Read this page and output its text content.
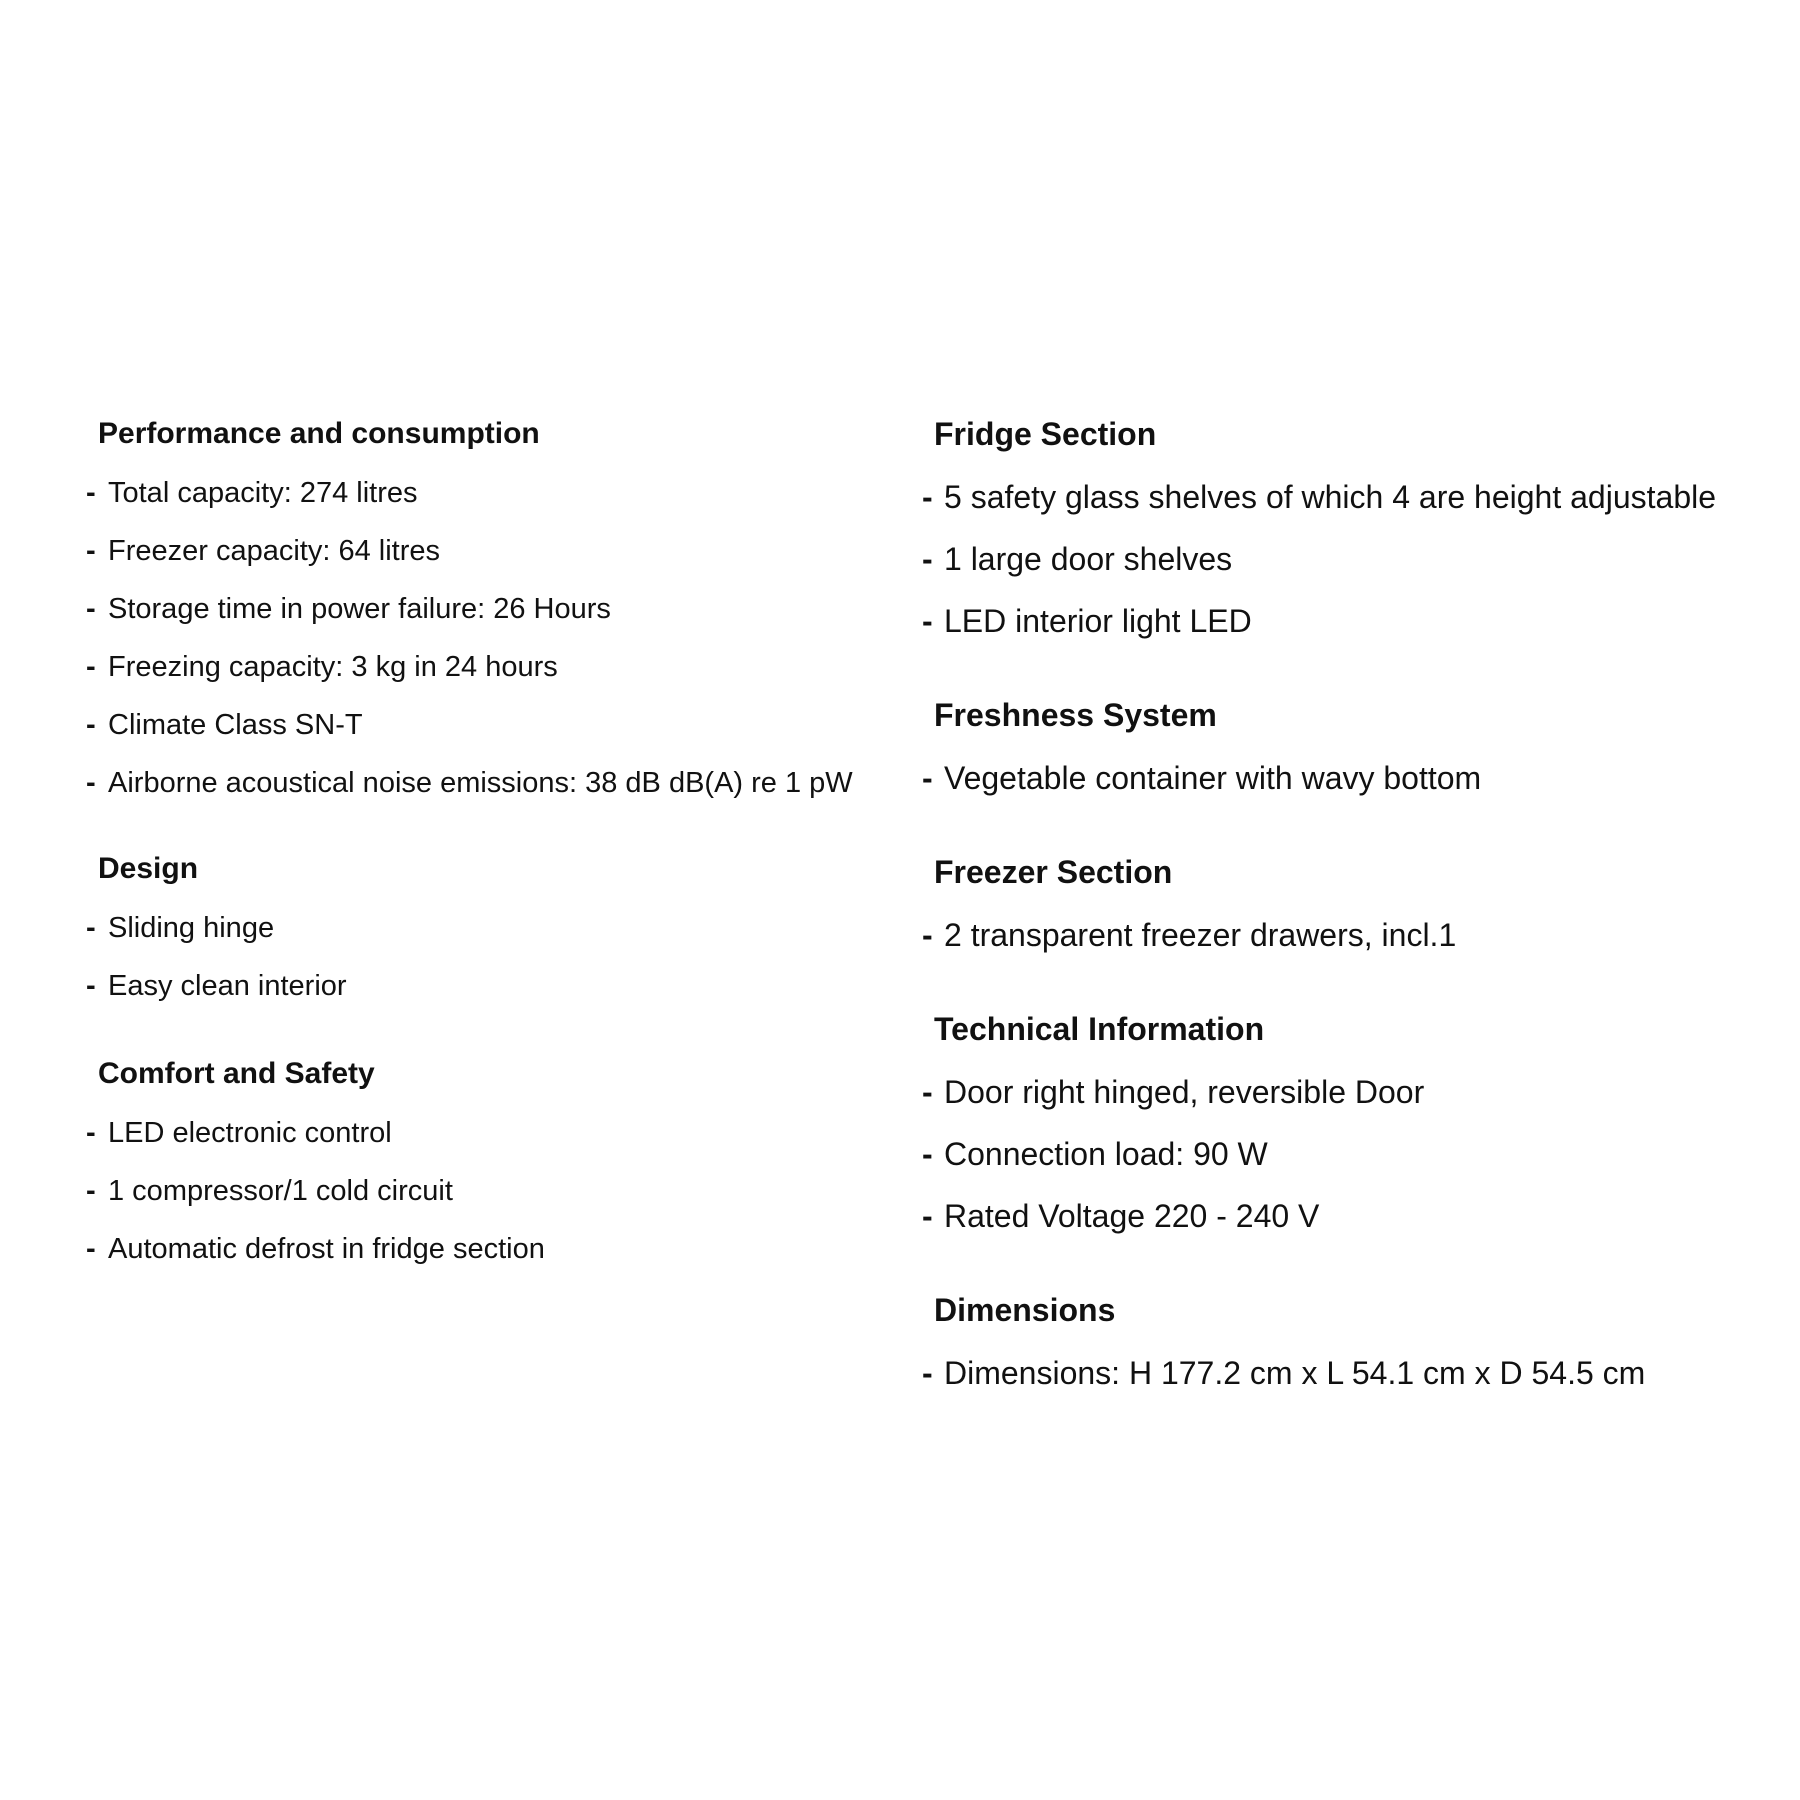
Performance and consumption
- Total capacity: 274 litres
- Freezer capacity: 64 litres
- Storage time in power failure: 26 Hours
- Freezing capacity: 3 kg in 24 hours
- Climate Class SN-T
- Airborne acoustical noise emissions: 38 dB dB(A) re 1 pW
Design
- Sliding hinge
- Easy clean interior
Comfort and Safety
- LED electronic control
- 1 compressor/1 cold circuit
- Automatic defrost in fridge section
Fridge Section
- 5 safety glass shelves of which 4 are height adjustable
- 1 large door shelves
- LED interior light LED
Freshness System
- Vegetable container with wavy bottom
Freezer Section
- 2 transparent freezer drawers, incl.1
Technical Information
- Door right hinged, reversible Door
- Connection load: 90 W
- Rated Voltage 220 - 240 V
Dimensions
- Dimensions: H 177.2 cm x L 54.1 cm x D 54.5 cm
